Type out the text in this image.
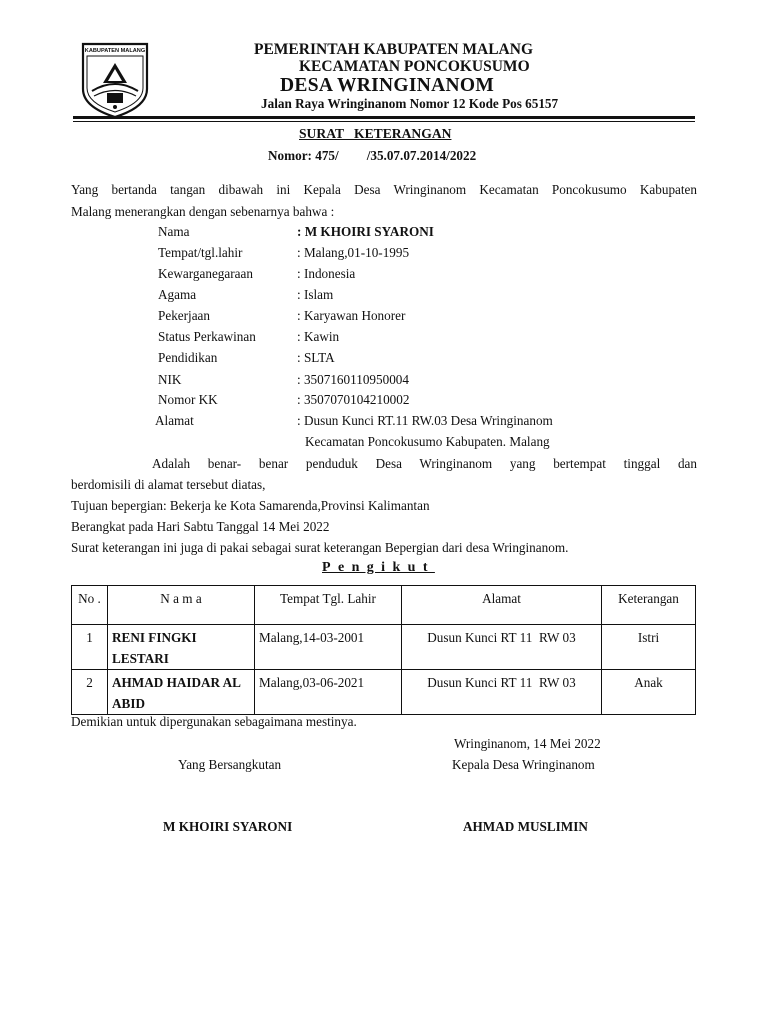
KABUPATEN MALANG	PEMERINTAH KABUPATEN MALANG
KECAMATAN PONCOKUSUMO
DESA WRINGINANOM
Jalan Raya Wringinanom Nomor 12 Kode Pos 65157
SURAT   KETERANGAN
Nomor: 475/ /35.07.07.2014/2022
Yang bertanda tangan dibawah ini Kepala Desa Wringinanom Kecamatan Poncokusumo Kabupaten
Malang menerangkan dengan sebenarnya bahwa :
Nama	: M KHOIRI SYARONI
Tempat/tgl.lahir	: Malang,01-10-1995
Kewarganegaraan	: Indonesia
Agama	: Islam
Pekerjaan	: Karyawan Honorer
Status Perkawinan	: Kawin
Pendidikan	: SLTA
NIK	: 3507160110950004
Nomor KK	: 3507070104210002
Alamat	: Dusun Kunci RT.11 RW.03 Desa Wringinanom
Kecamatan Poncokusumo Kabupaten. Malang
Adalah benar- benar penduduk Desa Wringinanom yang bertempat tinggal dan
berdomisili di alamat tersebut diatas,
Tujuan bepergian: Bekerja ke Kota Samarenda,Provinsi Kalimantan
Berangkat pada Hari Sabtu Tanggal 14 Mei 2022
Surat keterangan ini juga di pakai sebagai surat keterangan Bepergian dari desa Wringinanom.
Pengikut
No .	N a m a	Tempat Tgl. Lahir	Alamat	Keterangan
1	RENI FINGKI LESTARI	Malang,14-03-2001	Dusun Kunci RT 11  RW 03	Istri
2	AHMAD HAIDAR AL ABID	Malang,03-06-2021	Dusun Kunci RT 11  RW 03	Anak
Demikian untuk dipergunakan sebagaimana mestinya.
Wringinanom, 14 Mei 2022
Yang Bersangkutan	Kepala Desa Wringinanom
M KHOIRI SYARONI	AHMAD MUSLIMIN
